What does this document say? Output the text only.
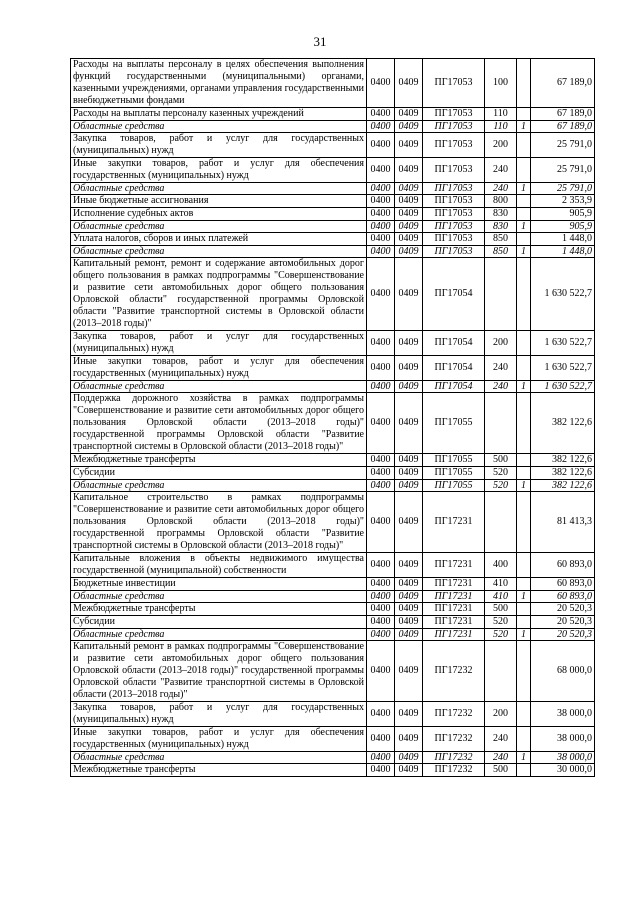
31
Расходы на выплаты персоналу в целях обеспечения выполнения функций государственными (муниципальными) органами, казенными учреждениями, органами управления государственными внебюджетными фондами	0400	0409	ПГ17053	100		67 189,0
Расходы на выплаты персоналу казенных учреждений	0400	0409	ПГ17053	110		67 189,0
Областные средства	0400	0409	ПГ17053	110	1	67 189,0
Закупка товаров, работ и услуг для государственных (муниципальных) нужд	0400	0409	ПГ17053	200		25 791,0
Иные закупки товаров, работ и услуг для обеспечения государственных (муниципальных) нужд	0400	0409	ПГ17053	240		25 791,0
Областные средства	0400	0409	ПГ17053	240	1	25 791,0
Иные бюджетные ассигнования	0400	0409	ПГ17053	800		2 353,9
Исполнение судебных актов	0400	0409	ПГ17053	830		905,9
Областные средства	0400	0409	ПГ17053	830	1	905,9
Уплата налогов, сборов и иных платежей	0400	0409	ПГ17053	850		1 448,0
Областные средства	0400	0409	ПГ17053	850	1	1 448,0
Капитальный ремонт, ремонт и содержание автомобильных дорог общего пользования в рамках подпрограммы "Совершенствование и развитие сети автомобильных дорог общего пользования Орловской области" государственной программы Орловской области "Развитие транспортной системы в Орловской области (2013–2018 годы)"	0400	0409	ПГ17054			1 630 522,7
Закупка товаров, работ и услуг для государственных (муниципальных) нужд	0400	0409	ПГ17054	200		1 630 522,7
Иные закупки товаров, работ и услуг для обеспечения государственных (муниципальных) нужд	0400	0409	ПГ17054	240		1 630 522,7
Областные средства	0400	0409	ПГ17054	240	1	1 630 522,7
Поддержка дорожного хозяйства в рамках подпрограммы "Совершенствование и развитие сети автомобильных дорог общего пользования Орловской области (2013–2018 годы)" государственной программы Орловской области "Развитие транспортной системы в Орловской области (2013–2018 годы)"	0400	0409	ПГ17055			382 122,6
Межбюджетные трансферты	0400	0409	ПГ17055	500		382 122,6
Субсидии	0400	0409	ПГ17055	520		382 122,6
Областные средства	0400	0409	ПГ17055	520	1	382 122,6
Капитальное строительство в рамках подпрограммы "Совершенствование и развитие сети автомобильных дорог общего пользования Орловской области (2013–2018 годы)" государственной программы Орловской области "Развитие транспортной системы в Орловской области (2013–2018 годы)"	0400	0409	ПГ17231			81 413,3
Капитальные вложения в объекты недвижимого имущества государственной (муниципальной) собственности	0400	0409	ПГ17231	400		60 893,0
Бюджетные инвестиции	0400	0409	ПГ17231	410		60 893,0
Областные средства	0400	0409	ПГ17231	410	1	60 893,0
Межбюджетные трансферты	0400	0409	ПГ17231	500		20 520,3
Субсидии	0400	0409	ПГ17231	520		20 520,3
Областные средства	0400	0409	ПГ17231	520	1	20 520,3
Капитальный ремонт в рамках подпрограммы "Совершенствование и развитие сети автомобильных дорог общего пользования Орловской области (2013–2018 годы)" государственной программы Орловской области "Развитие транспортной системы в Орловской области (2013–2018 годы)"	0400	0409	ПГ17232			68 000,0
Закупка товаров, работ и услуг для государственных (муниципальных) нужд	0400	0409	ПГ17232	200		38 000,0
Иные закупки товаров, работ и услуг для обеспечения государственных (муниципальных) нужд	0400	0409	ПГ17232	240		38 000,0
Областные средства	0400	0409	ПГ17232	240	1	38 000,0
Межбюджетные трансферты	0400	0409	ПГ17232	500		30 000,0
